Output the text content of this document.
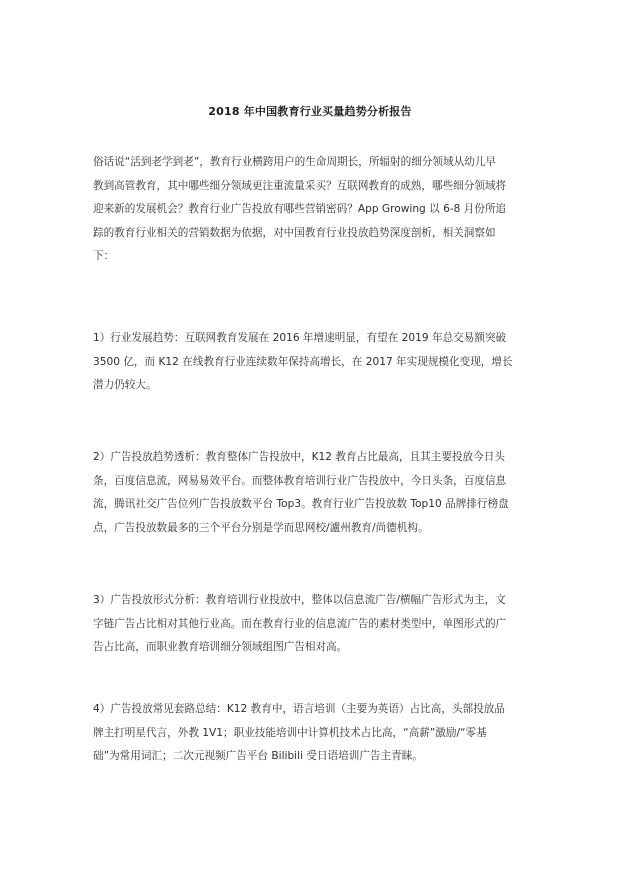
2018 年中国教育行业买量趋势分析报告
俗话说“活到老学到老”，教育行业横跨用户的生命周期长，所辐射的细分领域从幼儿早
教到高管教育，其中哪些细分领域更注重流量采买？互联网教育的成熟，哪些细分领域将
迎来新的发展机会？教育行业广告投放有哪些营销密码？App Growing 以 6-8 月份所追
踪的教育行业相关的营销数据为依据，对中国教育行业投放趋势深度剖析，相关洞察如
下：
1）行业发展趋势：互联网教育发展在 2016 年增速明显，有望在 2019 年总交易额突破
3500 亿，而 K12 在线教育行业连续数年保持高增长，在 2017 年实现规模化变现，增长
潜力仍较大。
2）广告投放趋势透析：教育整体广告投放中，K12 教育占比最高，且其主要投放今日头
条，百度信息流，网易易效平台。而整体教育培训行业广告投放中，今日头条，百度信息
流，腾讯社交广告位列广告投放数平台 Top3。教育行业广告投放数 Top10 品牌排行榜盘
点，广告投放数最多的三个平台分别是学而思网校/瀘州教育/尚德机构。
3）广告投放形式分析：教育培训行业投放中，整体以信息流广告/横幅广告形式为主，文
字链广告占比相对其他行业高。而在教育行业的信息流广告的素材类型中，单图形式的广
告占比高，而职业教育培训细分领域组图广告相对高。
4）广告投放常见套路总结：K12 教育中，语言培训（主要为英语）占比高，头部投放品
牌主打明星代言，外教 1V1；职业技能培训中计算机技术占比高，“高薪”激励/“零基
础”为常用词汇；二次元视频广告平台 Bilibili 受日语培训广告主青睐。
